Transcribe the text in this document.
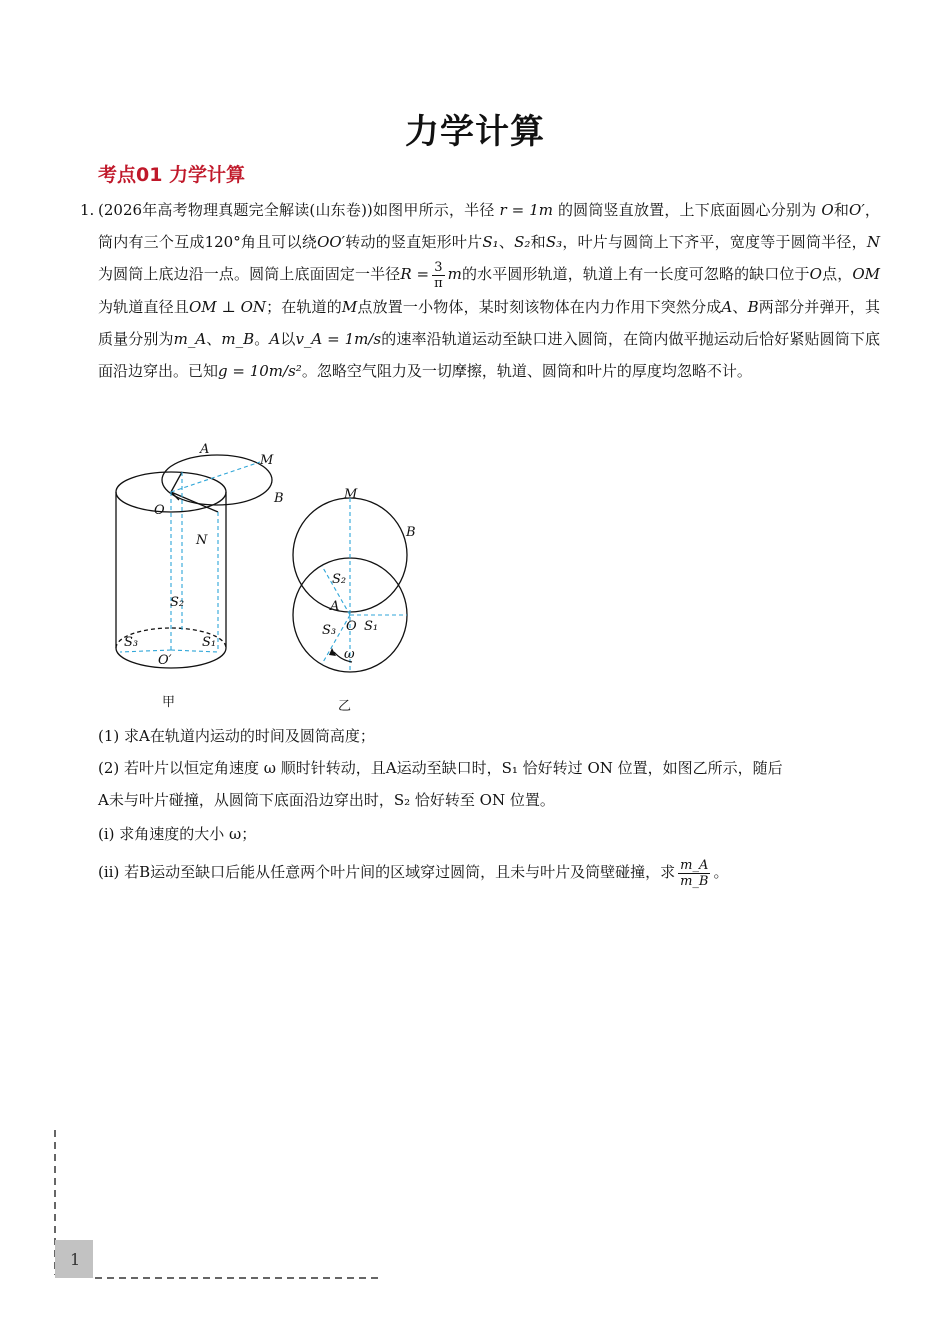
力学计算
考点01 力学计算
1. (2026年高考物理真题完全解读(山东卷))如图甲所示，半径 r = 1m 的圆筒竖直放置，上下底面圆心分别为 O和O′，筒内有三个互成120°角且可以绕OO′转动的竖直矩形叶片S₁、S₂和S₃，叶片与圆筒上下齐平，宽度等于圆筒半径，N为圆筒上底边沿一点。圆筒上底面固定一半径$R = \frac{3}{\pi}$ m的水平圆形轨道，轨道上有一长度可忽略的缺口位于O点，OM为轨道直径且OM ⊥ ON；在轨道的M点放置一小物体，某时刻该物体在内力作用下突然分成A、B两部分并弹开，其质量分别为m_A、m_B。A以v_A = 1m/s的速率沿轨道运动至缺口进入圆筒，在筒内做平抛运动后恰好紧贴圆筒下底面沿边穿出。已知g = 10m/s²。忽略空气阻力及一切摩擦，轨道、圆筒和叶片的厚度均忽略不计。
A
M
B
O
N
S₂
S₃	S₁
O′
甲
M
B
S₂
A
O S₁
S₃
ω
乙
(1) 求A在轨道内运动的时间及圆筒高度；
(2) 若叶片以恒定角速度 ω 顺时针转动，且A运动至缺口时，S₁ 恰好转过 ON 位置，如图乙所示，随后
A未与叶片碰撞，从圆筒下底面沿边穿出时，S₂ 恰好转至 ON 位置。
(ⅰ) 求角速度的大小 ω；
(ⅱ) 若B运动至缺口后能从任意两个叶片间的区域穿过圆筒，且未与叶片及筒壁碰撞，求 $\frac{m\_A}{m\_B}$ 。
1
